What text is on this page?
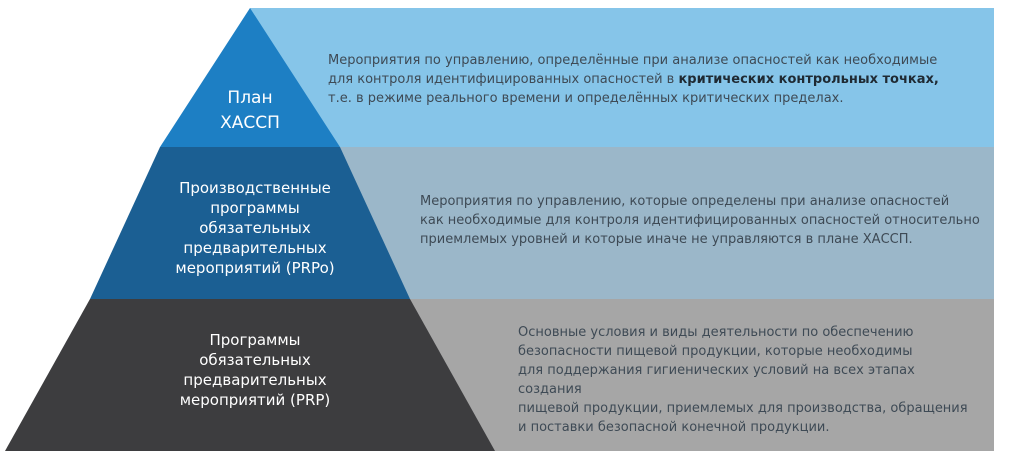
План
ХАССП
Производственные
программы
обязательных
предварительных
мероприятий (PRPo)
Программы
обязательных
предварительных
мероприятий (PRP)
Мероприятия по управлению, определённые при анализе опасностей как необходимые
для контроля идентифицированных опасностей в критических контрольных точках,
т.е. в режиме реального времени и определённых критических пределах.
Мероприятия по управлению, которые определены при анализе опасностей
как необходимые для контроля идентифицированных опасностей относительно
приемлемых уровней и которые иначе не управляются в плане ХАССП.
Основные условия и виды деятельности по обеспечению
безопасности пищевой продукции, которые необходимы
для поддержания гигиенических условий на всех этапах создания
пищевой продукции, приемлемых для производства, обращения
и поставки безопасной конечной продукции.
